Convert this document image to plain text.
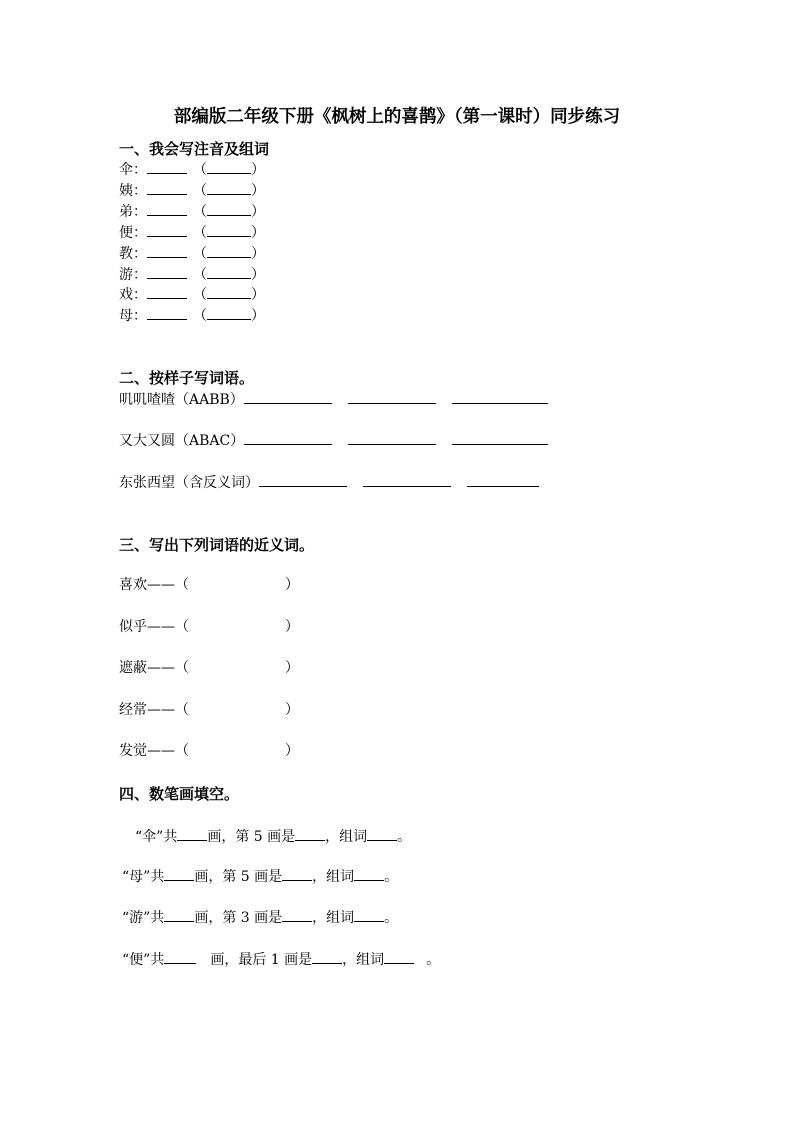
部编版二年级下册《枫树上的喜鹊》（第一课时）同步练习
一、我会写注音及组词
伞：	（	）
姨：	（	）
弟：	（	）
便：	（	）
教：	（	）
游：	（	）
戏：	（	）
母：	（	）
二、按样子写词语。
叽叽喳喳（AABB）
又大又圆（ABAC）
东张西望（含反义词）
三、写出下列词语的近义词。
喜欢——（	）
似乎——（	）
遮蔽——（	）
经常——（	）
发觉——（	）
四、数笔画填空。
“伞”共 画，第 5 画是 ，组词 。
“母”共 画，第 5 画是 ，组词 。
“游”共 画，第 3 画是 ，组词 。
“便”共	画，最后 1 画是 ，组词	。
